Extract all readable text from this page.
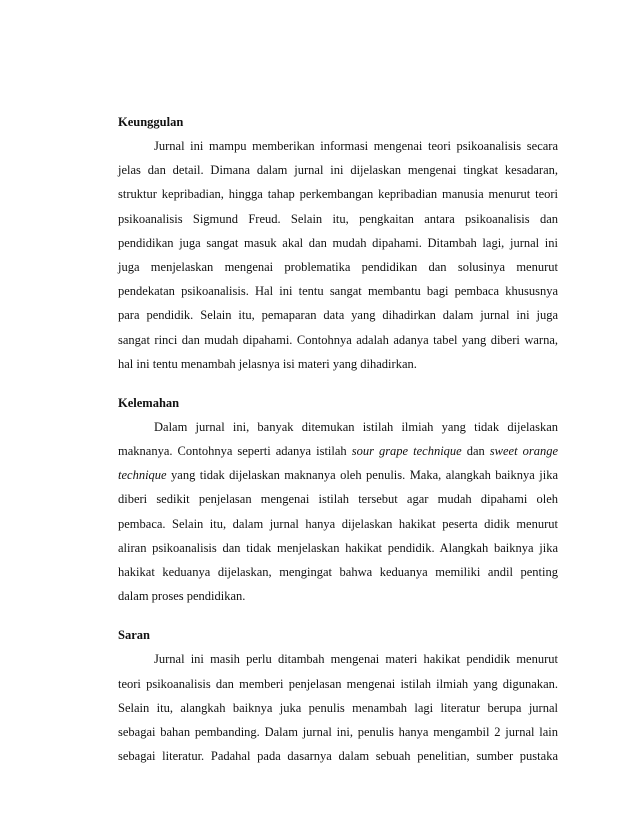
Keunggulan
Jurnal ini mampu memberikan informasi mengenai teori psikoanalisis secara
jelas dan detail. Dimana dalam jurnal ini dijelaskan mengenai tingkat kesadaran,
struktur kepribadian, hingga tahap perkembangan kepribadian manusia menurut teori
psikoanalisis Sigmund Freud. Selain itu, pengkaitan antara psikoanalisis dan
pendidikan juga sangat masuk akal dan mudah dipahami. Ditambah lagi, jurnal ini
juga menjelaskan mengenai problematika pendidikan dan solusinya menurut
pendekatan psikoanalisis. Hal ini tentu sangat membantu bagi pembaca khususnya
para pendidik. Selain itu, pemaparan data yang dihadirkan dalam jurnal ini juga
sangat rinci dan mudah dipahami. Contohnya adalah adanya tabel yang diberi warna,
hal ini tentu menambah jelasnya isi materi yang dihadirkan.
Kelemahan
Dalam jurnal ini, banyak ditemukan istilah ilmiah yang tidak dijelaskan
maknanya. Contohnya seperti adanya istilah sour grape technique dan sweet orange
technique yang tidak dijelaskan maknanya oleh penulis. Maka, alangkah baiknya jika
diberi sedikit penjelasan mengenai istilah tersebut agar mudah dipahami oleh
pembaca. Selain itu, dalam jurnal hanya dijelaskan hakikat peserta didik menurut
aliran psikoanalisis dan tidak menjelaskan hakikat pendidik. Alangkah baiknya jika
hakikat keduanya dijelaskan, mengingat bahwa keduanya memiliki andil penting
dalam proses pendidikan.
Saran
Jurnal ini masih perlu ditambah mengenai materi hakikat pendidik menurut
teori psikoanalisis dan memberi penjelasan mengenai istilah ilmiah yang digunakan.
Selain itu, alangkah baiknya juka penulis menambah lagi literatur berupa jurnal
sebagai bahan pembanding. Dalam jurnal ini, penulis hanya mengambil 2 jurnal lain
sebagai literatur. Padahal pada dasarnya dalam sebuah penelitian, sumber pustaka
